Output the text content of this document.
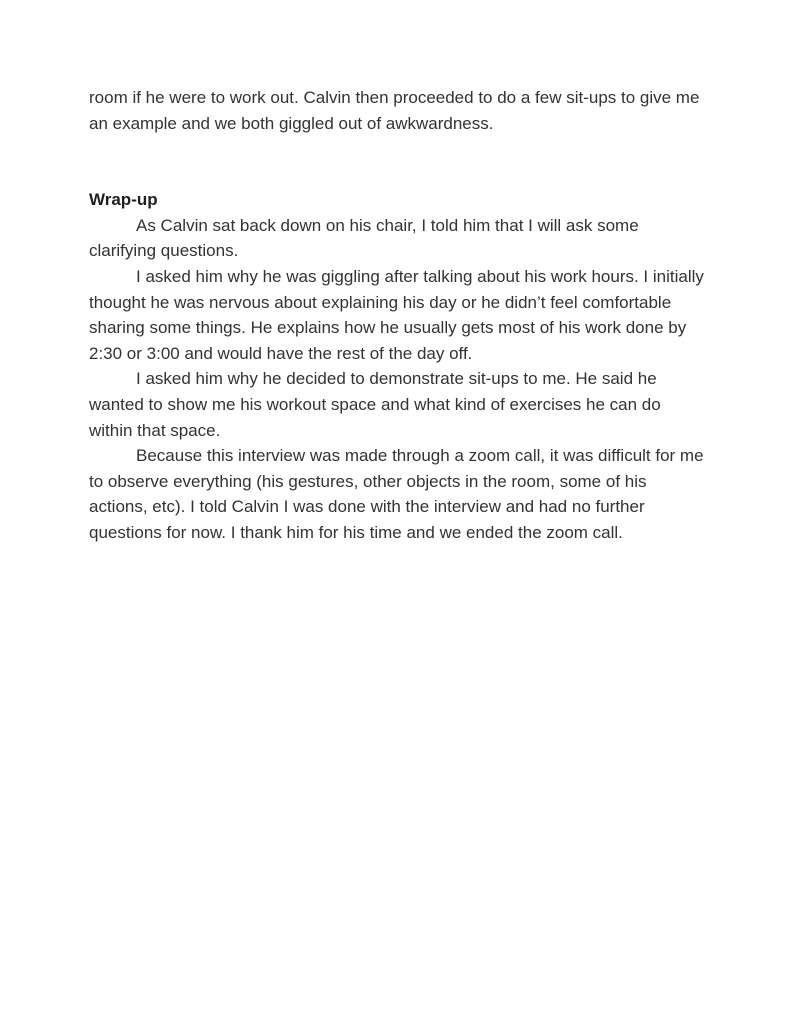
room if he were to work out. Calvin then proceeded to do a few sit-ups to give me an example and we both giggled out of awkwardness.

Wrap-up

As Calvin sat back down on his chair, I told him that I will ask some clarifying questions.

I asked him why he was giggling after talking about his work hours. I initially thought he was nervous about explaining his day or he didn’t feel comfortable sharing some things. He explains how he usually gets most of his work done by 2:30 or 3:00 and would have the rest of the day off.

I asked him why he decided to demonstrate sit-ups to me. He said he wanted to show me his workout space and what kind of exercises he can do within that space.

Because this interview was made through a zoom call, it was difficult for me to observe everything (his gestures, other objects in the room, some of his actions, etc). I told Calvin I was done with the interview and had no further questions for now. I thank him for his time and we ended the zoom call.
